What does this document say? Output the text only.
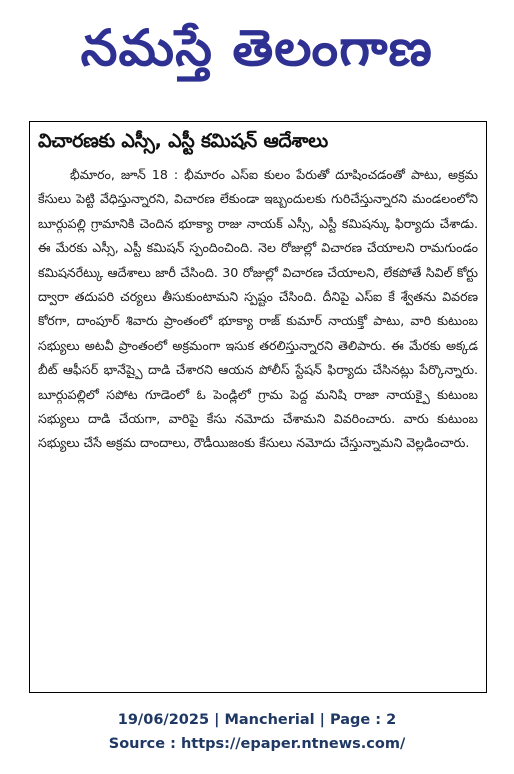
నమస్తే తెలంగాణ
విచారణకు ఎస్సీ, ఎస్టీ కమిషన్ ఆదేశాలు

భీమారం, జూన్ 18 : భీమారం ఎస్ఐ కులం పేరుతో దూషించడంతో పాటు, అక్రమ కేసులు పెట్టి వేధిస్తున్నారని, విచారణ లేకుండా ఇబ్బందులకు గురిచేస్తున్నారని మండలంలోని బూర్గుపల్లి గ్రామానికి చెందిన భూక్యా రాజు నాయక్ ఎస్సీ, ఎస్టీ కమిషన్కు ఫిర్యాదు చేశాడు. ఈ మేరకు ఎస్సీ, ఎస్టీ కమిషన్ స్పందించింది. నెల రోజుల్లో విచారణ చేయాలని రామగుండం కమిషనరేట్కు ఆదేశాలు జారీ చేసింది. 30 రోజుల్లో విచారణ చేయాలని, లేకపోతే సివిల్ కోర్టు ద్వారా తదుపరి చర్యలు తీసుకుంటామని స్పష్టం చేసింది. దీనిపై ఎస్ఐ కే శ్వేతను వివరణ కోరగా, దాంపూర్ శివారు ప్రాంతంలో భూక్యా రాజ్ కుమార్ నాయక్తో పాటు, వారి కుటుంబ సభ్యులు అటవీ ప్రాంతంలో అక్రమంగా ఇసుక తరలిస్తున్నారని తెలిపారు. ఈ మేరకు అక్కడ బీట్ ఆఫీసర్ భానేష్పై దాడి చేశారని ఆయన పోలీస్ స్టేషన్ ఫిర్యాదు చేసినట్లు పేర్కొన్నారు. బూర్గుపల్లిలో సపోట గూడెంలో ఓ పెండ్లిలో గ్రామ పెద్ద మనిషి రాజా నాయక్పై కుటుంబ సభ్యులు దాడి చేయగా, వారిపై కేసు నమోదు చేశామని వివరించారు. వారు కుటుంబ సభ్యులు చేసే అక్రమ దాందాలు, రౌడీయిజంకు కేసులు నమోదు చేస్తున్నామని వెల్లడించారు.

19/06/2025 | Mancherial | Page : 2
Source : https://epaper.ntnews.com/
